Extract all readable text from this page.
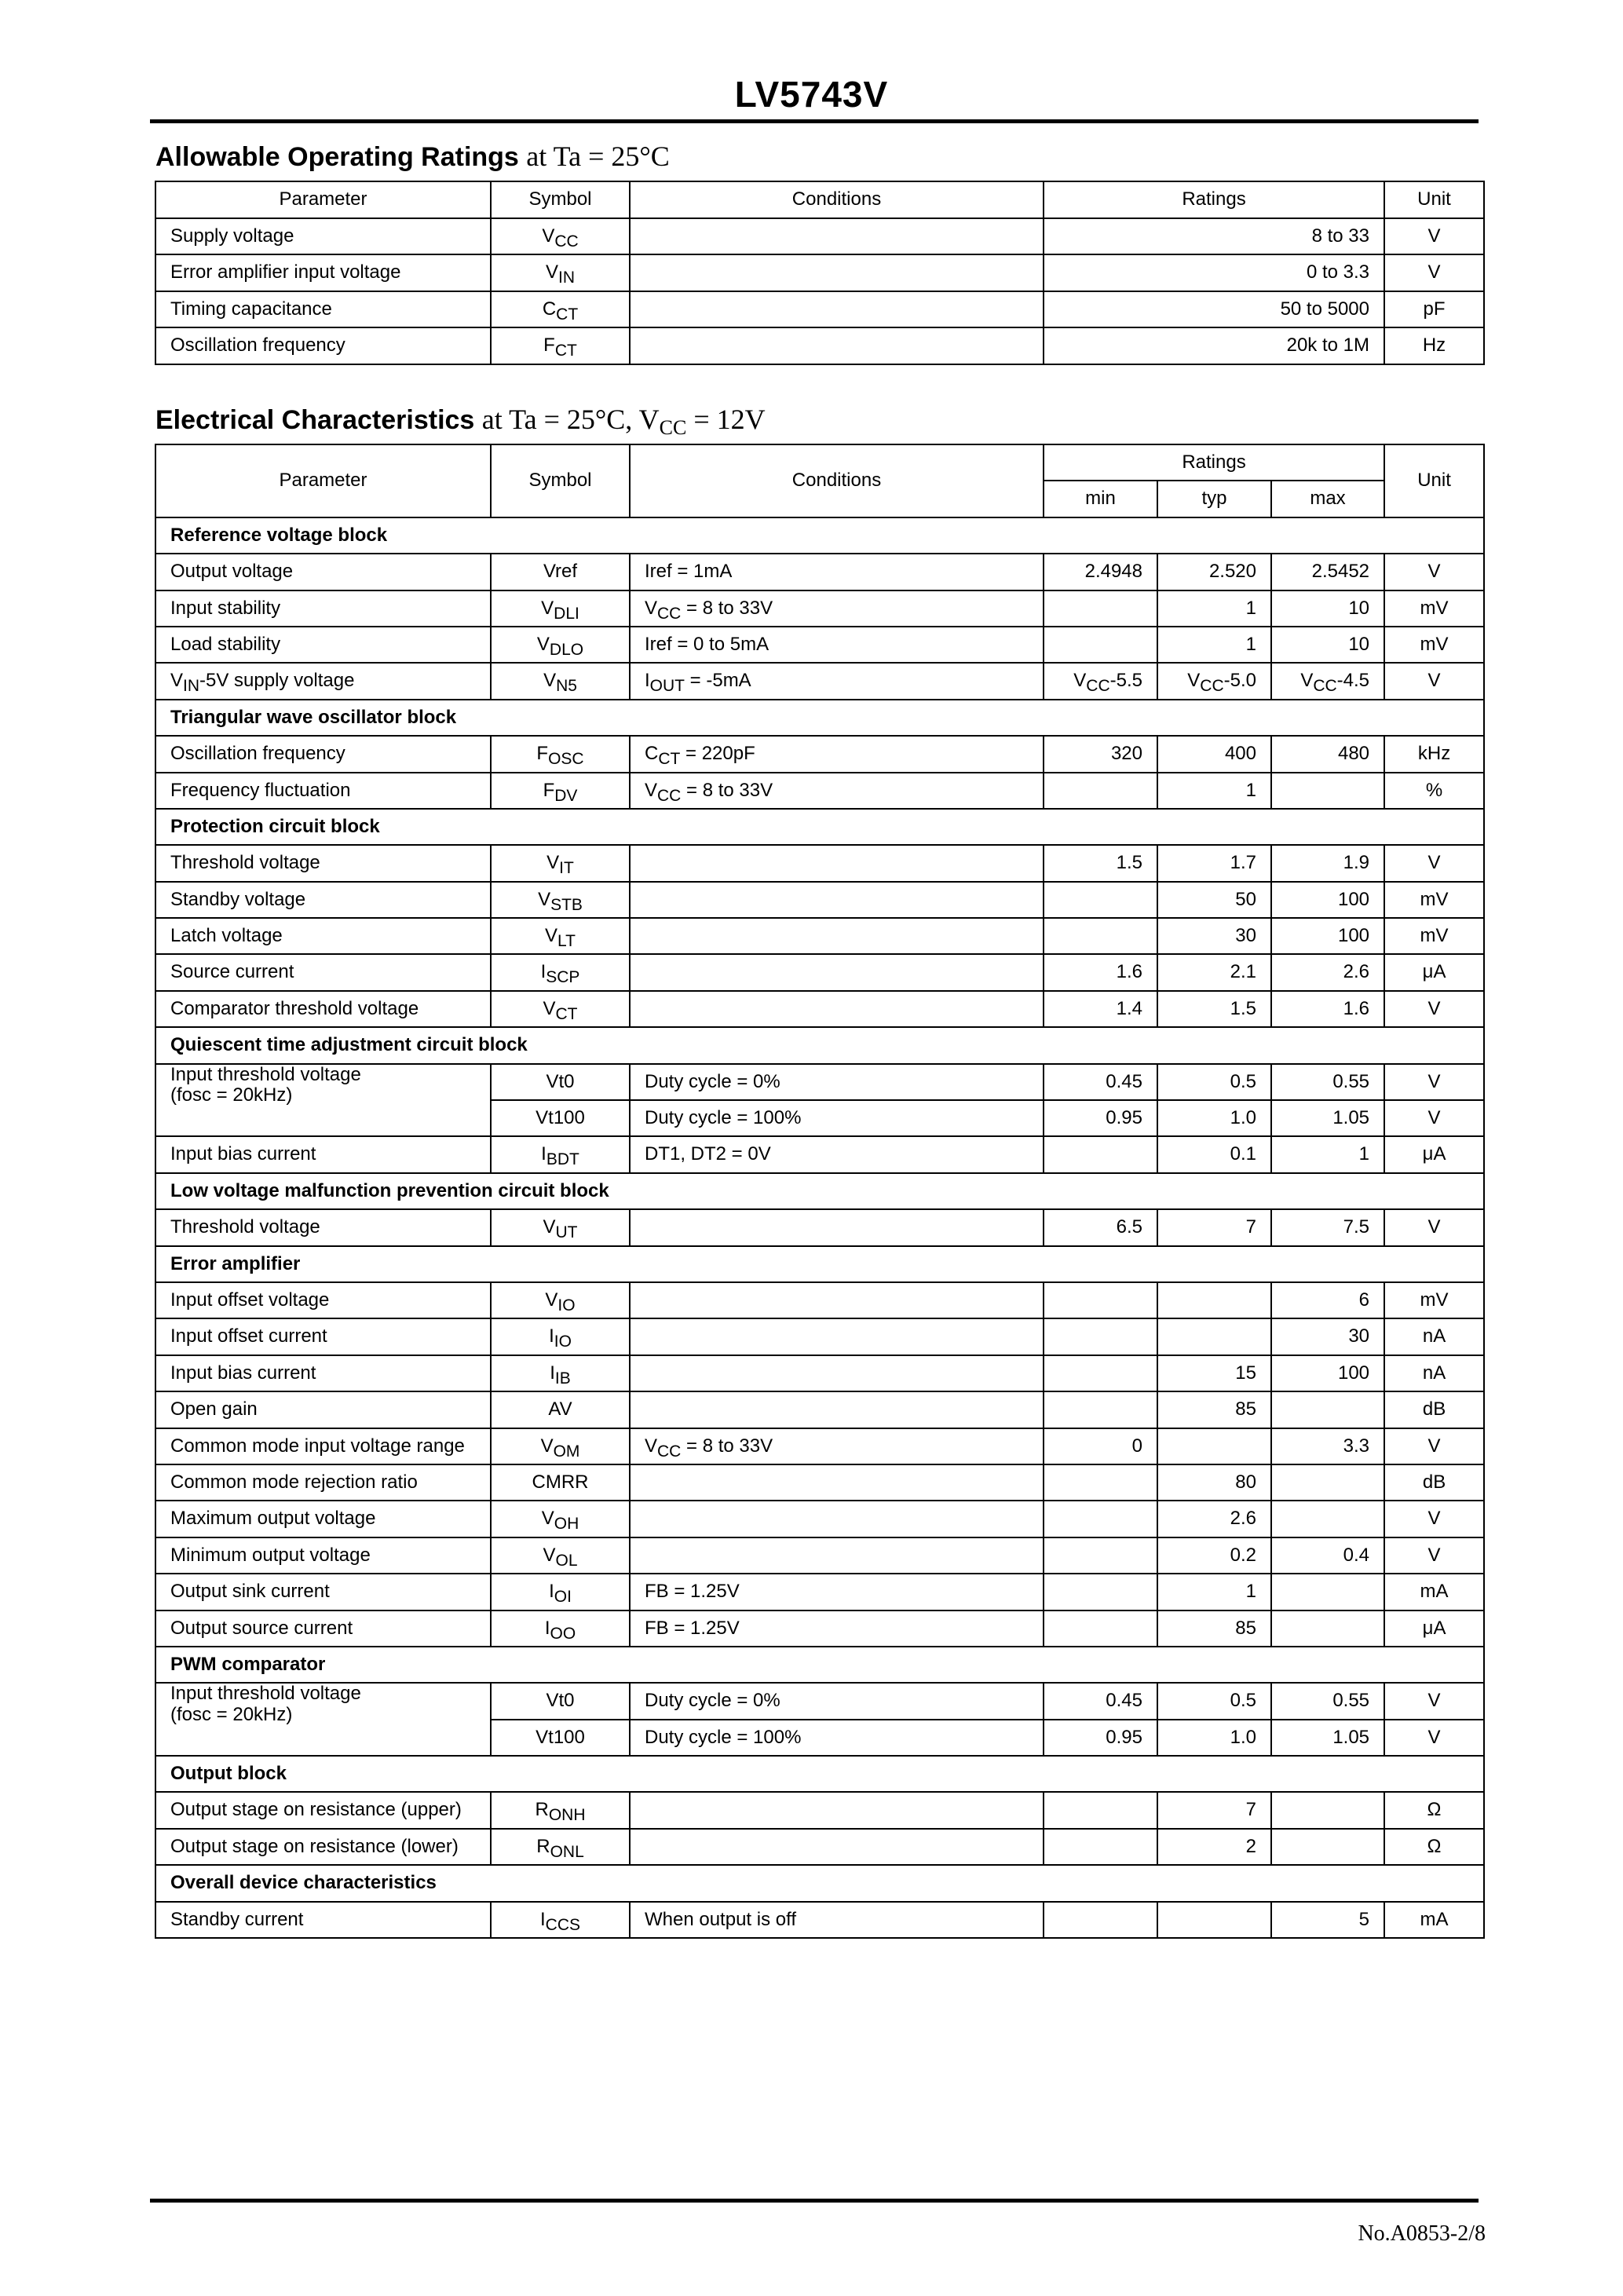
LV5743V
Allowable Operating Ratings at Ta = 25°C
Parameter	Symbol	Conditions	Ratings	Unit
Supply voltage	$V_{CC}$		8 to 33	V
Error amplifier input voltage	$V_{IN}$		0 to 3.3	V
Timing capacitance	$C_{CT}$		50 to 5000	pF
Oscillation frequency	$F_{CT}$		20k to 1M	Hz
Electrical Characteristics at Ta = 25°C, $V_{CC} = 12V$
Parameter	Symbol	Conditions	Ratings			Unit
			min	typ	max	
Reference voltage block						
Output voltage	Vref	Iref = 1mA	2.4948	2.520	2.5452	V
Input stability	$V_{DLI}$	$V_{CC} = 8$ to 33V		1	10	mV
Load stability	$V_{DLO}$	Iref = 0 to 5mA		1	10	mV
$V_{IN}-5V$ supply voltage	$V_{N5}$	$I_{OUT} = -5mA$	$V_{CC}-5.5$	$V_{CC}-5.0$	$V_{CC}-4.5$	V
Triangular wave oscillator block						
Oscillation frequency	$F_{OSC}$	$C_{CT} = 220pF$	320	400	480	kHz
Frequency fluctuation	$F_{DV}$	$V_{CC} = 8$ to 33V		1		%
Protection circuit block						
Threshold voltage	$V_{IT}$		1.5	1.7	1.9	V
Standby voltage	$V_{STB}$			50	100	mV
Latch voltage	$V_{LT}$			30	100	mV
Source current	$I_{SCP}$		1.6	2.1	2.6	μA
Comparator threshold voltage	$V_{CT}$		1.4	1.5	1.6	V
Quiescent time adjustment circuit block						

Input threshold voltage
(fosc = 20kHz)	Vt0	Duty cycle = 0%	0.45	0.5	0.55	V
	Vt100	Duty cycle = 100%	0.95	1.0	1.05	V
Input bias current	$I_{BDT}$	DT1, DT2 = 0V		0.1	1	μA
Low voltage malfunction prevention circuit block						
Threshold voltage	$V_{UT}$		6.5	7	7.5	V
Error amplifier						
Input offset voltage	$V_{IO}$				6	mV
Input offset current	$I_{IO}$				30	nA
Input bias current	$I_{IB}$			15	100	nA
Open gain	AV			85		dB
Common mode input voltage range	$V_{OM}$	$V_{CC} = 8$ to 33V	0		3.3	V
Common mode rejection ratio	CMRR			80		dB
Maximum output voltage	$V_{OH}$			2.6		V
Minimum output voltage	$V_{OL}$			0.2	0.4	V
Output sink current	$I_{OI}$	FB = 1.25V		1		mA
Output source current	$I_{OO}$	FB = 1.25V		85		μA
PWM comparator						

Input threshold voltage
(fosc = 20kHz)	Vt0	Duty cycle = 0%	0.45	0.5	0.55	V
	Vt100	Duty cycle = 100%	0.95	1.0	1.05	V
Output block						
Output stage on resistance (upper)	$R_{ONH}$			7		Ω
Output stage on resistance (lower)	$R_{ONL}$			2		Ω
Overall device characteristics						
Standby current	$I_{CCS}$	When output is off			5	mA
No.A0853-2/8
